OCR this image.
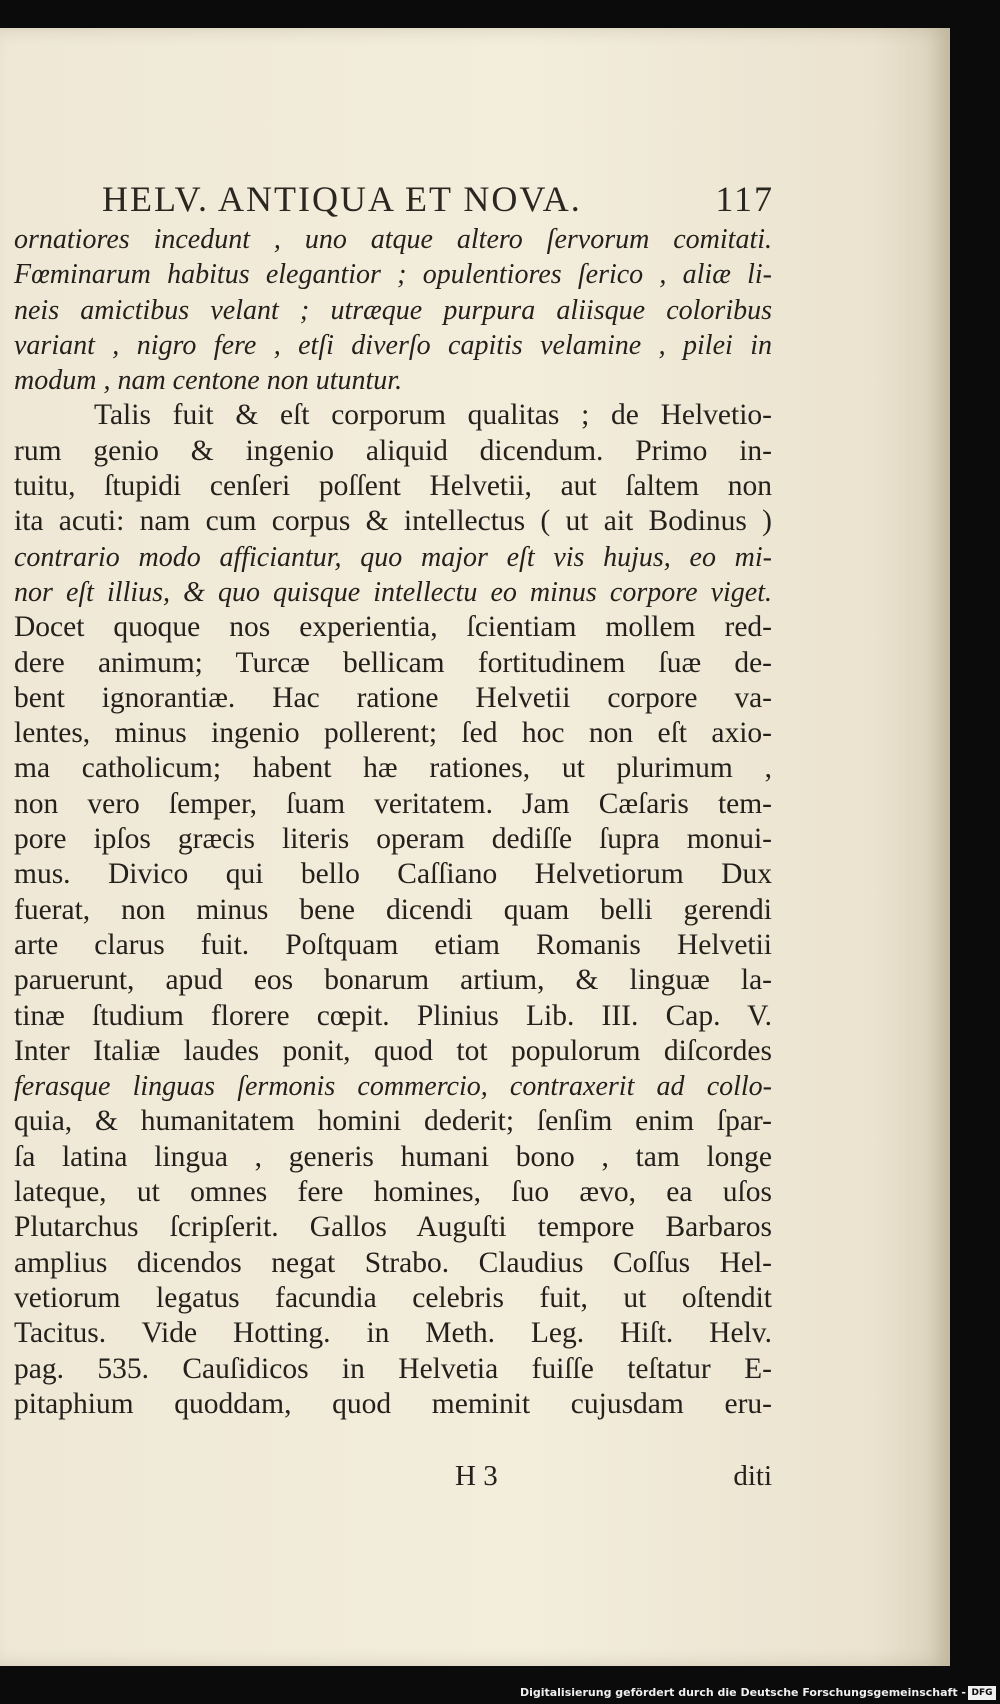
HELV. ANTIQUA ET NOVA.	117
ornatiores incedunt , uno atque altero ſervorum comitati.
Fœminarum habitus elegantior ; opulentiores ſerico , aliæ li-
neis amictibus velant ; utræque purpura aliisque coloribus
variant , nigro fere , etſi diverſo capitis velamine , pilei in
modum , nam centone non utuntur.
Talis fuit & eſt corporum qualitas ; de Helvetio-
rum genio & ingenio aliquid dicendum. Primo in-
tuitu, ſtupidi cenſeri poſſent Helvetii, aut ſaltem non
ita acuti: nam cum corpus & intellectus ( ut ait Bodinus )
contrario modo afficiantur, quo major eſt vis hujus, eo mi-
nor eſt illius, & quo quisque intellectu eo minus corpore viget.
Docet quoque nos experientia, ſcientiam mollem red-
dere animum; Turcæ bellicam fortitudinem ſuæ de-
bent ignorantiæ. Hac ratione Helvetii corpore va-
lentes, minus ingenio pollerent; ſed hoc non eſt axio-
ma catholicum; habent hæ rationes, ut plurimum ,
non vero ſemper, ſuam veritatem. Jam Cæſaris tem-
pore ipſos græcis literis operam dediſſe ſupra monui-
mus. Divico qui bello Caſſiano Helvetiorum Dux
fuerat, non minus bene dicendi quam belli gerendi
arte clarus fuit. Poſtquam etiam Romanis Helvetii
paruerunt, apud eos bonarum artium, & linguæ la-
tinæ ſtudium florere cœpit. Plinius Lib. III. Cap. V.
Inter Italiæ laudes ponit, quod tot populorum diſcordes
ferasque linguas ſermonis commercio, contraxerit ad collo-
quia, & humanitatem homini dederit; ſenſim enim ſpar-
ſa latina lingua , generis humani bono , tam longe
lateque, ut omnes fere homines, ſuo ævo, ea uſos
Plutarchus ſcripſerit. Gallos Auguſti tempore Barbaros
amplius dicendos negat Strabo. Claudius Coſſus Hel-
vetiorum legatus facundia celebris fuit, ut oſtendit
Tacitus. Vide Hotting. in Meth. Leg. Hiſt. Helv.
pag. 535. Cauſidicos in Helvetia fuiſſe teſtatur E-
pitaphium quoddam, quod meminit cujusdam eru-
H 3	diti
Digitalisierung gefördert durch die Deutsche Forschungsgemeinschaft - DFG
